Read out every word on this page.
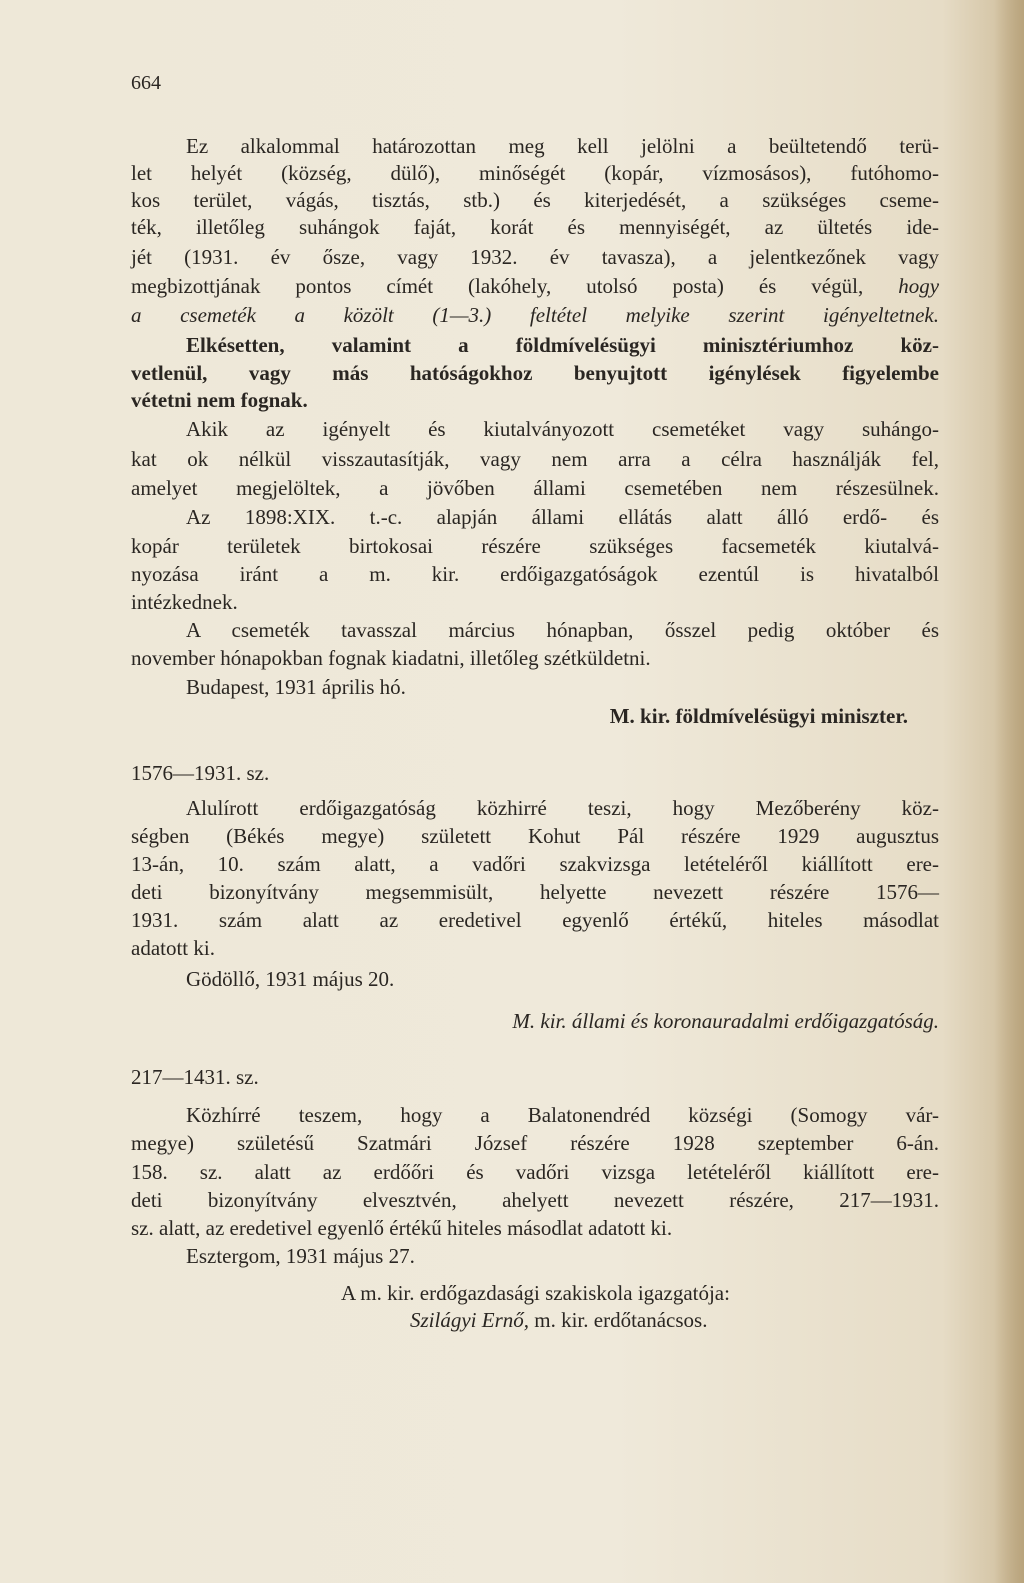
664
Ez alkalommal határozottan meg kell jelölni a beültetendő terü-
let helyét (község, dülő), minőségét (kopár, vízmosásos), futóhomo-
kos terület, vágás, tisztás, stb.) és kiterjedését, a szükséges cseme-
ték, illetőleg suhángok faját, korát és mennyiségét, az ültetés ide-
jét (1931. év ősze, vagy 1932. év tavasza), a jelentkezőnek vagy
megbizottjának pontos címét (lakóhely, utolsó posta) és végül, hogy
a csemeték a közölt (1—3.) feltétel melyike szerint igényeltetnek.
Elkésetten, valamint a földmívelésügyi minisztériumhoz köz-
vetlenül, vagy más hatóságokhoz benyujtott igénylések figyelembe
vétetni nem fognak.
Akik az igényelt és kiutalványozott csemetéket vagy suhángo-
kat ok nélkül visszautasítják, vagy nem arra a célra használják fel,
amelyet megjelöltek, a jövőben állami csemetében nem részesülnek.
Az 1898:XIX. t.-c. alapján állami ellátás alatt álló erdő- és
kopár területek birtokosai részére szükséges facsemeték kiutalvá-
nyozása iránt a m. kir. erdőigazgatóságok ezentúl is hivatalból
intézkednek.
A csemeték tavasszal március hónapban, ősszel pedig október és
november hónapokban fognak kiadatni, illetőleg szétküldetni.
Budapest, 1931 április hó.
M. kir. földmívelésügyi miniszter.
1576—1931. sz.
Alulírott erdőigazgatóság közhirré teszi, hogy Mezőberény köz-
ségben (Békés megye) született Kohut Pál részére 1929 augusztus
13-án, 10. szám alatt, a vadőri szakvizsga letételéről kiállított ere-
deti bizonyítvány megsemmisült, helyette nevezett részére 1576—
1931. szám alatt az eredetivel egyenlő értékű, hiteles másodlat
adatott ki.
Gödöllő, 1931 május 20.
M. kir. állami és koronauradalmi erdőigazgatóság.
217—1431. sz.
Közhírré teszem, hogy a Balatonendréd községi (Somogy vár-
megye) születésű Szatmári József részére 1928 szeptember 6-án.
158. sz. alatt az erdőőri és vadőri vizsga letételéről kiállított ere-
deti bizonyítvány elvesztvén, ahelyett nevezett részére, 217—1931.
sz. alatt, az eredetivel egyenlő értékű hiteles másodlat adatott ki.
Esztergom, 1931 május 27.
A m. kir. erdőgazdasági szakiskola igazgatója:
Szilágyi Ernő, m. kir. erdőtanácsos.
